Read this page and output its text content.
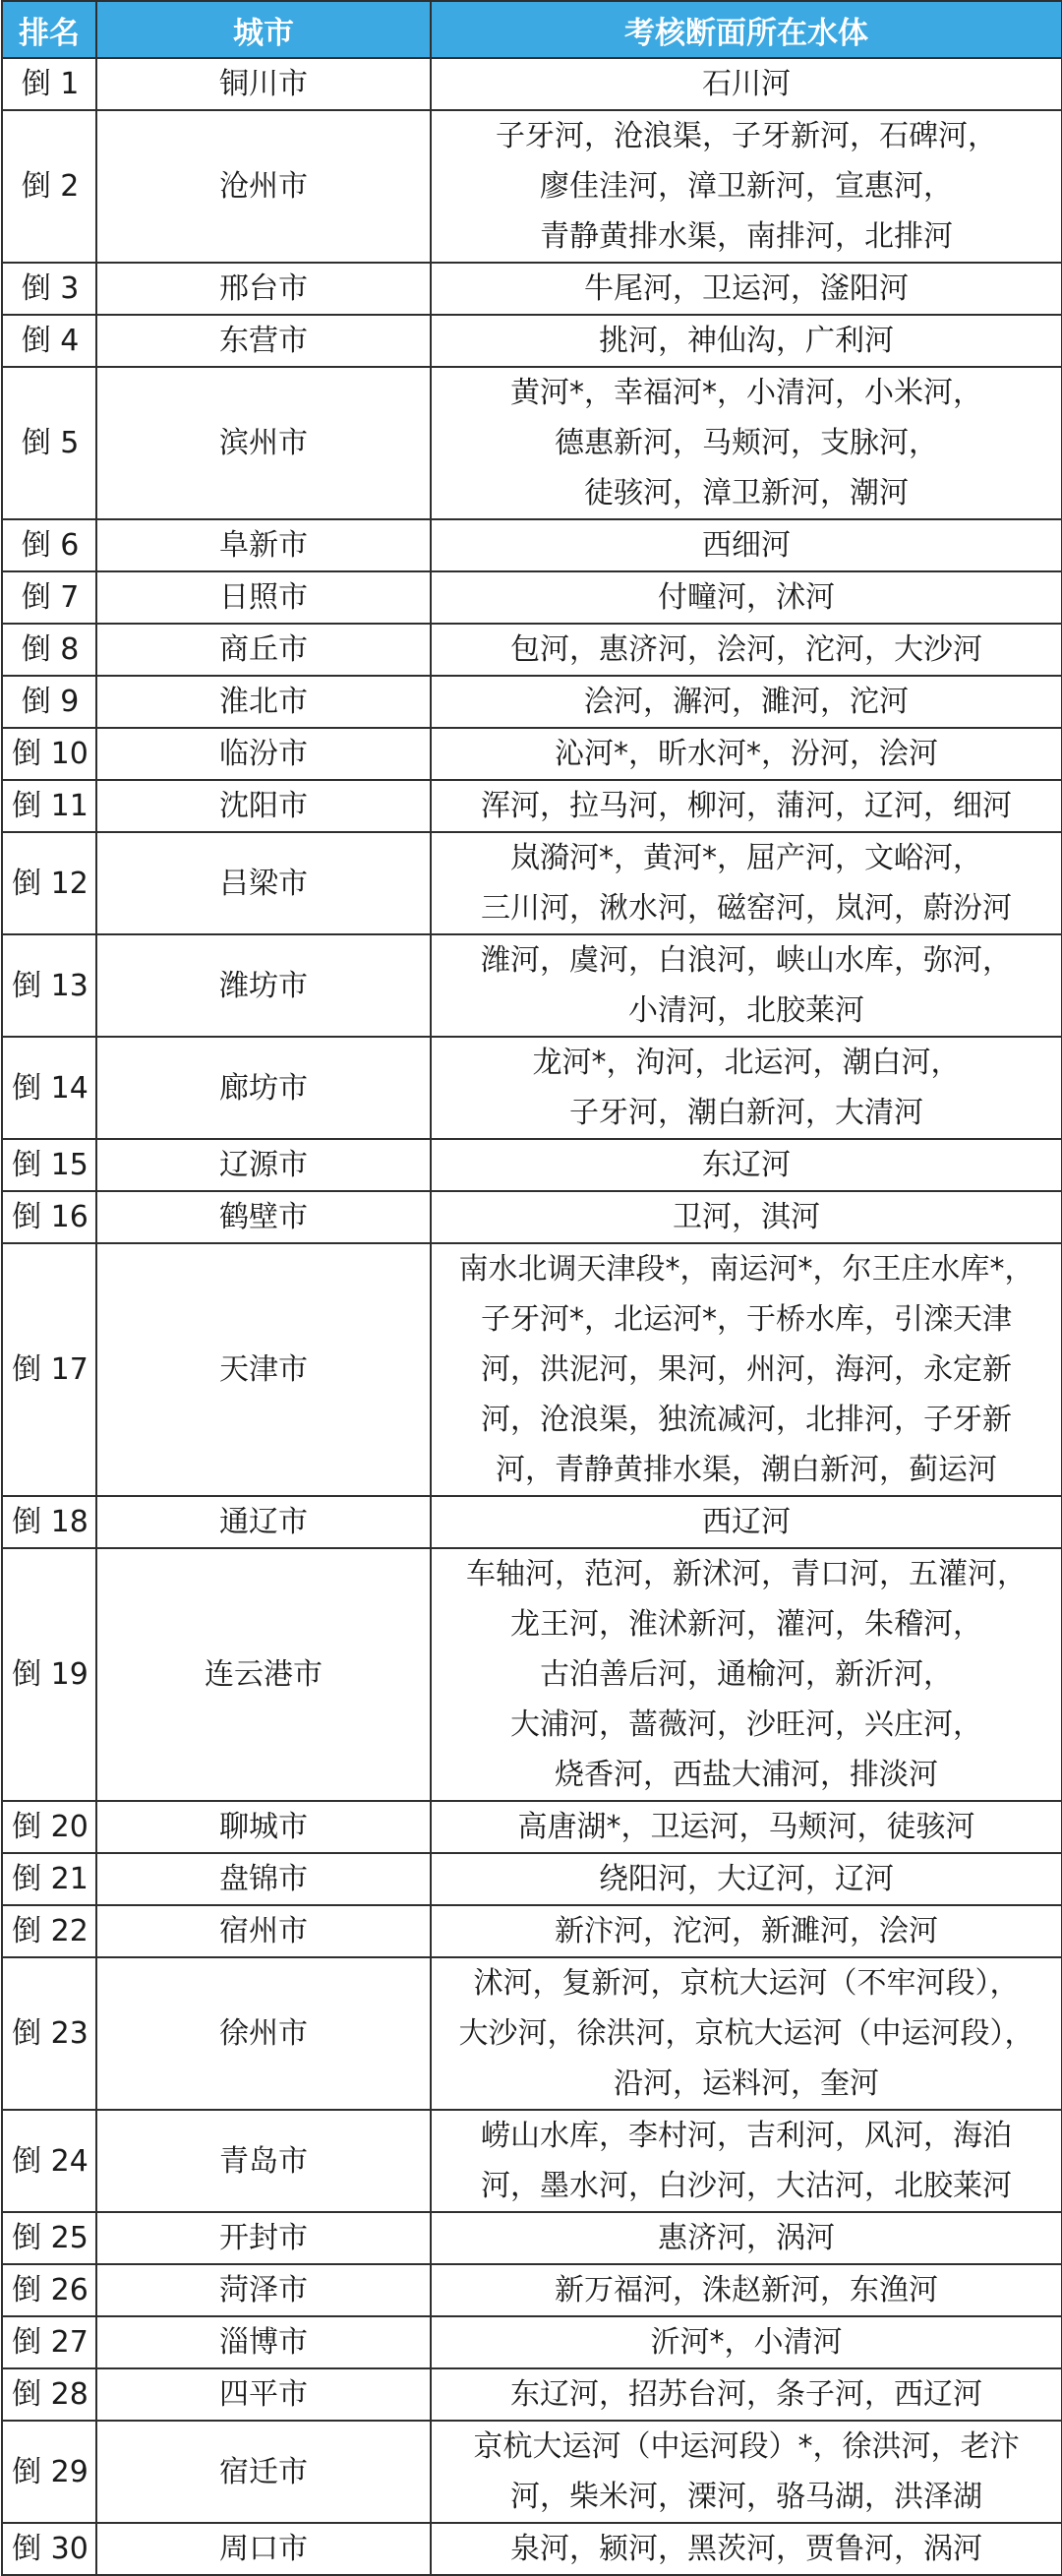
排名	城市	考核断面所在水体
倒 1	铜川市	石川河
倒 2	沧州市	子牙河，沧浪渠，子牙新河，石碑河，
廖佳洼河，漳卫新河，宣惠河，
青静黄排水渠，南排河，北排河
倒 3	邢台市	牛尾河，卫运河，滏阳河
倒 4	东营市	挑河，神仙沟，广利河
倒 5	滨州市	黄河*，幸福河*，小清河，小米河，
德惠新河，马颊河，支脉河，
徒骇河，漳卫新河，潮河
倒 6	阜新市	西细河
倒 7	日照市	付疃河，沭河
倒 8	商丘市	包河，惠济河，浍河，沱河，大沙河
倒 9	淮北市	浍河，澥河，濉河，沱河
倒 10	临汾市	沁河*，昕水河*，汾河，浍河
倒 11	沈阳市	浑河，拉马河，柳河，蒲河，辽河，细河
倒 12	吕梁市	岚漪河*，黄河*，屈产河，文峪河，
三川河，湫水河，磁窑河，岚河，蔚汾河
倒 13	潍坊市	潍河，虞河，白浪河，峡山水库，弥河，
小清河，北胶莱河
倒 14	廊坊市	龙河*，泃河，北运河，潮白河，
子牙河，潮白新河，大清河
倒 15	辽源市	东辽河
倒 16	鹤壁市	卫河，淇河
倒 17	天津市	南水北调天津段*，南运河*，尔王庄水库*，
子牙河*，北运河*，于桥水库，引滦天津
河，洪泥河，果河，州河，海河，永定新
河，沧浪渠，独流减河，北排河，子牙新
河，青静黄排水渠，潮白新河，蓟运河
倒 18	通辽市	西辽河
倒 19	连云港市	车轴河，范河，新沭河，青口河，五灌河，
龙王河，淮沭新河，灌河，朱稽河，
古泊善后河，通榆河，新沂河，
大浦河，蔷薇河，沙旺河，兴庄河，
烧香河，西盐大浦河，排淡河
倒 20	聊城市	高唐湖*，卫运河，马颊河，徒骇河
倒 21	盘锦市	绕阳河，大辽河，辽河
倒 22	宿州市	新汴河，沱河，新濉河，浍河
倒 23	徐州市	沭河，复新河，京杭大运河（不牢河段），
大沙河，徐洪河，京杭大运河（中运河段），
沿河，运料河，奎河
倒 24	青岛市	崂山水库，李村河，吉利河，风河，海泊
河，墨水河，白沙河，大沽河，北胶莱河
倒 25	开封市	惠济河，涡河
倒 26	菏泽市	新万福河，洙赵新河，东渔河
倒 27	淄博市	沂河*，小清河
倒 28	四平市	东辽河，招苏台河，条子河，西辽河
倒 29	宿迁市	京杭大运河（中运河段）*，徐洪河，老汴
河，柴米河，溧河，骆马湖，洪泽湖
倒 30	周口市	泉河，颍河，黑茨河，贾鲁河，涡河
